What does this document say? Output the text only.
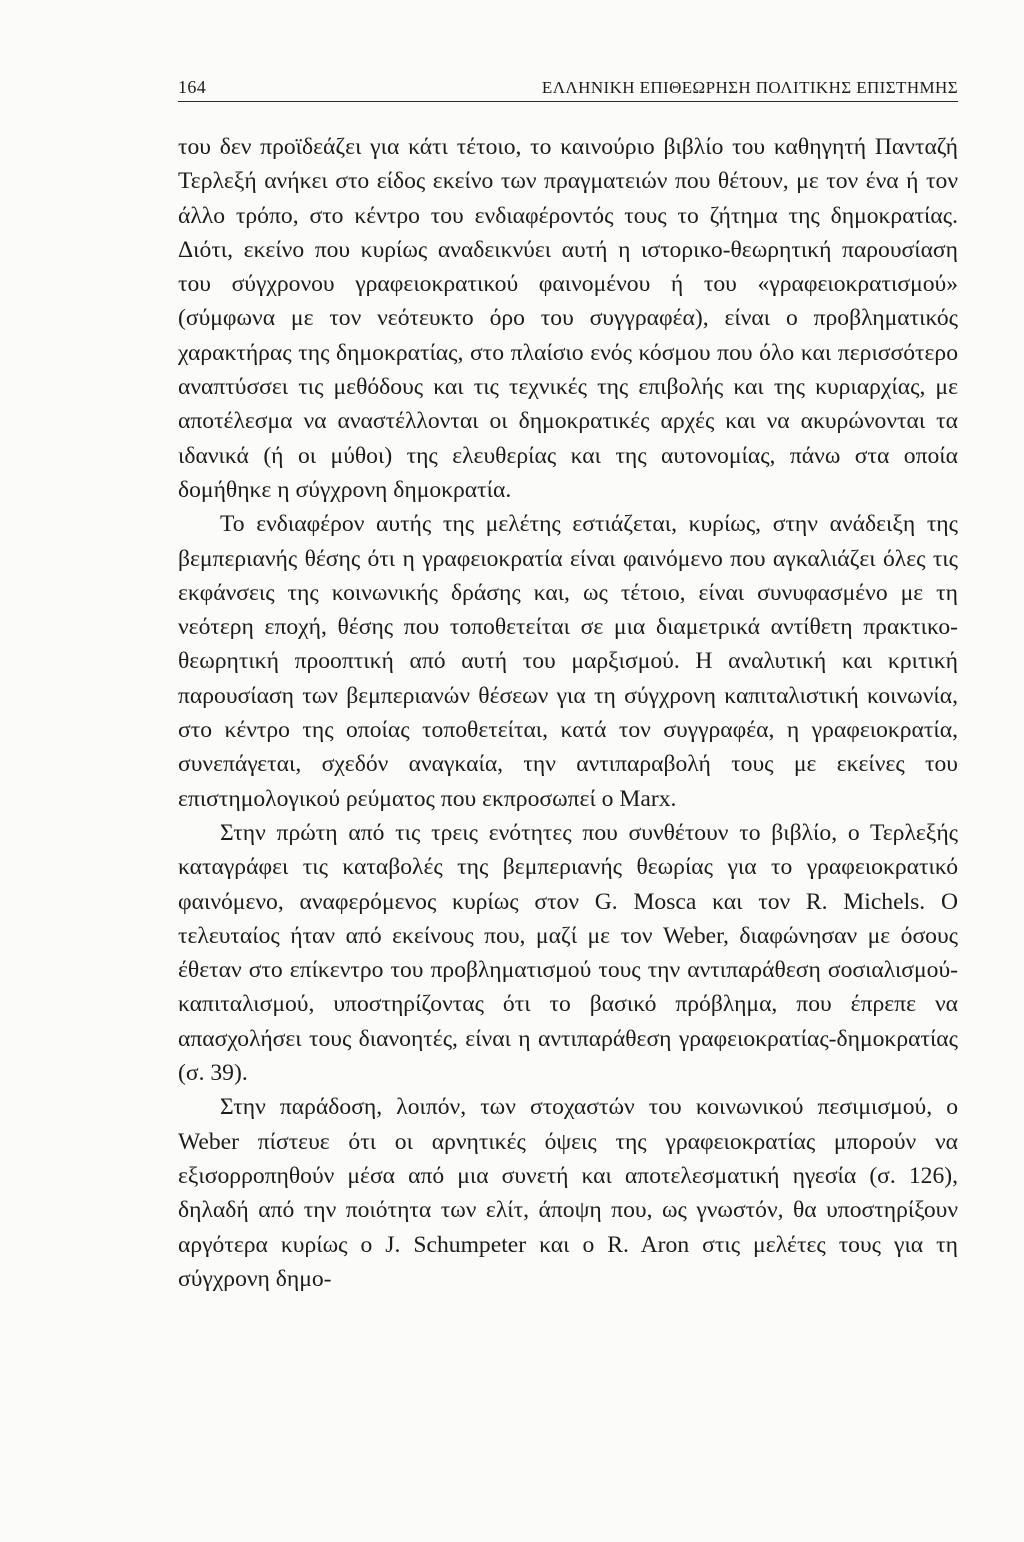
164	ΕΛΛΗΝΙΚΗ ΕΠΙΘΕΩΡΗΣΗ ΠΟΛΙΤΙΚΗΣ ΕΠΙΣΤΗΜΗΣ

του δεν προϊδεάζει για κάτι τέτοιο, το καινούριο βιβλίο του καθηγητή Πανταζή Τερλεξή ανήκει στο είδος εκείνο των πραγματειών που θέτουν, με τον ένα ή τον άλλο τρόπο, στο κέντρο του ενδιαφέροντός τους το ζήτημα της δημοκρατίας. Διότι, εκείνο που κυρίως αναδεικνύει αυτή η ιστορικο-θεωρητική παρουσίαση του σύγχρονου γραφειοκρατικού φαινομένου ή του «γραφειοκρατισμού» (σύμφωνα με τον νεότευκτο όρο του συγγραφέα), είναι ο προβληματικός χαρακτήρας της δημοκρατίας, στο πλαίσιο ενός κόσμου που όλο και περισσότερο αναπτύσσει τις μεθόδους και τις τεχνικές της επιβολής και της κυριαρχίας, με αποτέλεσμα να αναστέλλονται οι δημοκρατικές αρχές και να ακυρώνονται τα ιδανικά (ή οι μύθοι) της ελευθερίας και της αυτονομίας, πάνω στα οποία δομήθηκε η σύγχρονη δημοκρατία.

Το ενδιαφέρον αυτής της μελέτης εστιάζεται, κυρίως, στην ανάδειξη της βεμπεριανής θέσης ότι η γραφειοκρατία είναι φαινόμενο που αγκαλιάζει όλες τις εκφάνσεις της κοινωνικής δράσης και, ως τέτοιο, είναι συνυφασμένο με τη νεότερη εποχή, θέσης που τοποθετείται σε μια διαμετρικά αντίθετη πρακτικο-θεωρητική προοπτική από αυτή του μαρξισμού. Η αναλυτική και κριτική παρουσίαση των βεμπεριανών θέσεων για τη σύγχρονη καπιταλιστική κοινωνία, στο κέντρο της οποίας τοποθετείται, κατά τον συγγραφέα, η γραφειοκρατία, συνεπάγεται, σχεδόν αναγκαία, την αντιπαραβολή τους με εκείνες του επιστημολογικού ρεύματος που εκπροσωπεί ο Marx.

Στην πρώτη από τις τρεις ενότητες που συνθέτουν το βιβλίο, ο Τερλεξής καταγράφει τις καταβολές της βεμπεριανής θεωρίας για το γραφειοκρατικό φαινόμενο, αναφερόμενος κυρίως στον G. Mosca και τον R. Michels. Ο τελευταίος ήταν από εκείνους που, μαζί με τον Weber, διαφώνησαν με όσους έθεταν στο επίκεντρο του προβληματισμού τους την αντιπαράθεση σοσιαλισμού-καπιταλισμού, υποστηρίζοντας ότι το βασικό πρόβλημα, που έπρεπε να απασχολήσει τους διανοητές, είναι η αντιπαράθεση γραφειοκρατίας-δημοκρατίας (σ. 39).

Στην παράδοση, λοιπόν, των στοχαστών του κοινωνικού πεσιμισμού, ο Weber πίστευε ότι οι αρνητικές όψεις της γραφειοκρατίας μπορούν να εξισορροπηθούν μέσα από μια συνετή και αποτελεσματική ηγεσία (σ. 126), δηλαδή από την ποιότητα των ελίτ, άποψη που, ως γνωστόν, θα υποστηρίξουν αργότερα κυρίως ο J. Schumpeter και ο R. Aron στις μελέτες τους για τη σύγχρονη δημο-
